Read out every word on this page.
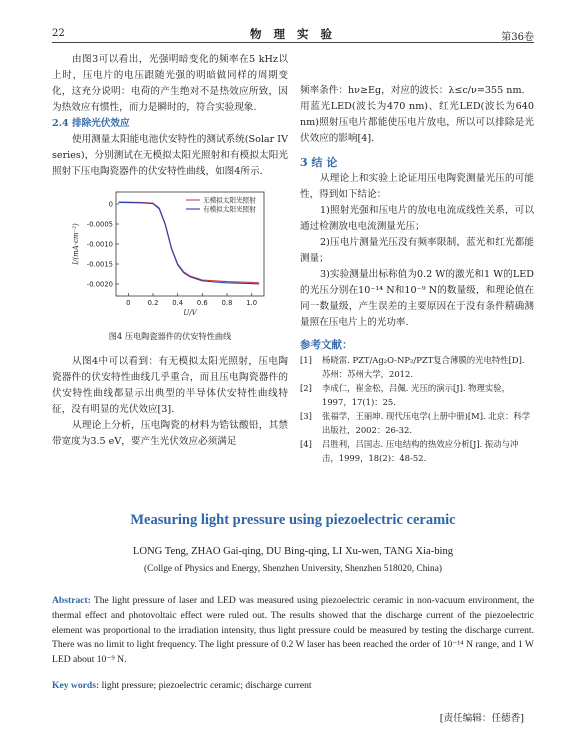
22	物 理 实 验	第36卷

由图3可以看出，光强明暗变化的频率在5 kHz以上时，压电片的电压跟随光强的明暗做同样的周期变化，这充分说明：电荷的产生绝对不是热效应所致，因为热效应有惯性，而力是瞬时的，符合实验现象.

2.4 排除光伏效应

使用测量太阳能电池伏安特性的测试系统(Solar IV series)，分别测试在无模拟太阳光照射和有模拟太阳光照射下压电陶瓷器件的伏安特性曲线，如图4所示.

0	0.2 0.4 0.6 0.8 1.0
0
-0.0005
-0.0010
-0.0015
-0.0020
U/V
I/(mA·cm⁻²)
无模拟太阳光照射
有模拟太阳光照射
图4 压电陶瓷器件的伏安特性曲线

从图4中可以看到：有无模拟太阳光照射，压电陶瓷器件的伏安特性曲线几乎重合，而且压电陶瓷器件的伏安特性曲线都显示出典型的半导体伏安特性曲线特征，没有明显的光伏效应[3].

从理论上分析，压电陶瓷的材料为锆钛酸铅，其禁带宽度为3.5 eV，要产生光伏效应必须满足

频率条件：hν≥Eg，对应的波长：λ≤c/ν=355 nm.

用蓝光LED(波长为470 nm)、红光LED(波长为640 nm)照射压电片都能使压电片放电，所以可以排除是光伏效应的影响[4].

3 结 论

从理论上和实验上论证用压电陶瓷测量光压的可能性，得到如下结论：

1)照射光强和压电片的放电电流成线性关系，可以通过检测放电电流测量光压；

2)压电片测量光压没有频率限制，蓝光和红光都能测量；

3)实验测量出标称值为0.2 W的激光和1 W的LED的光压分别在10⁻¹⁴ N和10⁻⁹ N的数量级，和理论值在同一数量级，产生误差的主要原因在于没有条件精确测量照在压电片上的光功率.

参考文献：

[1] 杨晓雷. PZT/Ag₂O-NP₂/PZT复合薄膜的光电特性[D]. 苏州：苏州大学，2012.
[2] 李成仁，崔金松，吕佩. 光压的演示[J]. 物理实验，1997，17(1)：25.
[3] 张福学，王丽坤. 现代压电学(上册中册)[M]. 北京：科学出版社，2002：26-32.
[4] 吕胜利，吕国志. 压电结构的热效应分析[J]. 振动与冲击，1999，18(2)：48-52.
Measuring light pressure using piezoelectric ceramic
LONG Teng, ZHAO Gai-qing, DU Bing-qing, LI Xu-wen, TANG Xia-bing
(Collge of Physics and Energy, Shenzhen University, Shenzhen 518020, China)
Abstract: The light pressure of laser and LED was measured using piezoelectric ceramic in non-vacuum environment, the thermal effect and photovoltaic effect were ruled out. The results showed that the discharge current of the piezoelectric element was proportional to the irradiation intensity, thus light pressure could be measured by testing the discharge current. There was no limit to light frequency. The light pressure of 0.2 W laser has been reached the order of 10⁻¹⁴ N range, and 1 W LED about 10⁻⁹ N.
Key words: light pressure; piezoelectric ceramic; discharge current
[责任编辑：任德香]
